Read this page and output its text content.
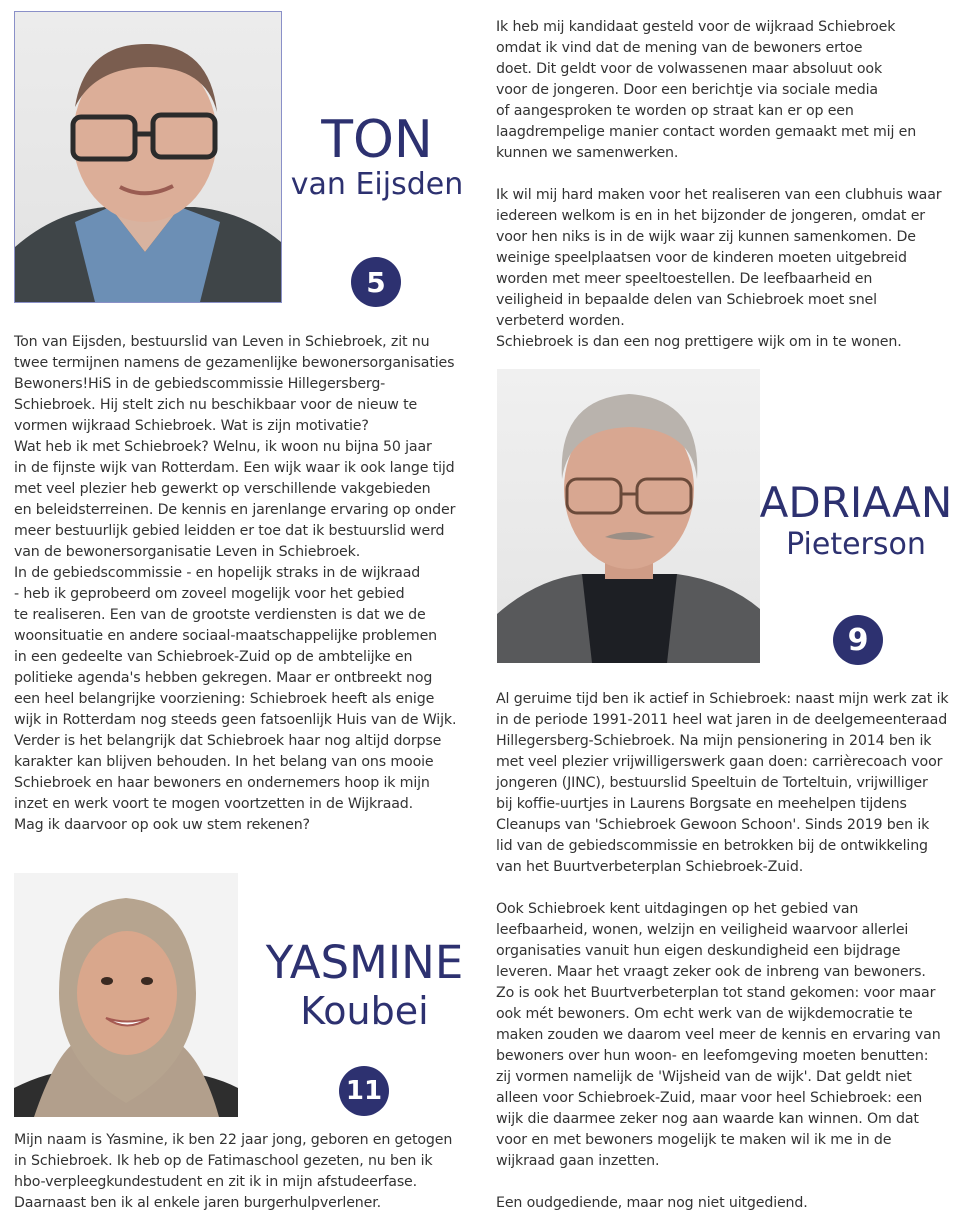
TON
van Eijsden
5

Ton van Eijsden, bestuurslid van Leven in Schiebroek, zit nu

twee termijnen namens de gezamenlijke bewonersorganisaties

Bewoners!HiS in de gebiedscommissie Hillegersberg-

Schiebroek. Hij stelt zich nu beschikbaar voor de nieuw te

vormen wijkraad Schiebroek. Wat is zijn motivatie?

Wat heb ik met Schiebroek? Welnu, ik woon nu bijna 50 jaar

in de fijnste wijk van Rotterdam. Een wijk waar ik ook lange tijd

met veel plezier heb gewerkt op verschillende vakgebieden

en beleidsterreinen. De kennis en jarenlange ervaring op onder

meer bestuurlijk gebied leidden er toe dat ik bestuurslid werd

van de bewonersorganisatie Leven in Schiebroek.

In de gebiedscommissie - en hopelijk straks in de wijkraad

- heb ik geprobeerd om zoveel mogelijk voor het gebied

te realiseren. Een van de grootste verdiensten is dat we de

woonsituatie en andere sociaal-maatschappelijke problemen

in een gedeelte van Schiebroek-Zuid op de ambtelijke en

politieke agenda's hebben gekregen. Maar er ontbreekt nog

een heel belangrijke voorziening: Schiebroek heeft als enige

wijk in Rotterdam nog steeds geen fatsoenlijk Huis van de Wijk.

Verder is het belangrijk dat Schiebroek haar nog altijd dorpse

karakter kan blijven behouden. In het belang van ons mooie

Schiebroek en haar bewoners en ondernemers hoop ik mijn

inzet en werk voort te mogen voortzetten in de Wijkraad.

Mag ik daarvoor op ook uw stem rekenen?

YASMINE
Koubei
11

Mijn naam is Yasmine, ik ben 22 jaar jong, geboren en getogen

in Schiebroek. Ik heb op de Fatimaschool gezeten, nu ben ik

hbo-verpleegkundestudent en zit ik in mijn afstudeerfase.

Daarnaast ben ik al enkele jaren burgerhulpverlener.

Ik heb mij kandidaat gesteld voor de wijkraad Schiebroek

omdat ik vind dat de mening van de bewoners ertoe

doet. Dit geldt voor de volwassenen maar absoluut ook

voor de jongeren. Door een berichtje via sociale media

of aangesproken te worden op straat kan er op een

laagdrempelige manier contact worden gemaakt met mij en

kunnen we samenwerken.

Ik wil mij hard maken voor het realiseren van een clubhuis waar

iedereen welkom is en in het bijzonder de jongeren, omdat er

voor hen niks is in de wijk waar zij kunnen samenkomen. De

weinige speelplaatsen voor de kinderen moeten uitgebreid

worden met meer speeltoestellen. De leefbaarheid en

veiligheid in bepaalde delen van Schiebroek moet snel

verbeterd worden.

Schiebroek is dan een nog prettigere wijk om in te wonen.

ADRIAAN
Pieterson
9

Al geruime tijd ben ik actief in Schiebroek: naast mijn werk zat ik

in de periode 1991-2011 heel wat jaren in de deelgemeenteraad

Hillegersberg-Schiebroek. Na mijn pensionering in 2014 ben ik

met veel plezier vrijwilligerswerk gaan doen: carrièrecoach voor

jongeren (JINC), bestuurslid Speeltuin de Torteltuin, vrijwilliger

bij koffie-uurtjes in Laurens Borgsate en meehelpen tijdens

Cleanups van 'Schiebroek Gewoon Schoon'. Sinds 2019 ben ik

lid van de gebiedscommissie en betrokken bij de ontwikkeling

van het Buurtverbeterplan Schiebroek-Zuid.

Ook Schiebroek kent uitdagingen op het gebied van

leefbaarheid, wonen, welzijn en veiligheid waarvoor allerlei

organisaties vanuit hun eigen deskundigheid een bijdrage

leveren. Maar het vraagt zeker ook de inbreng van bewoners.

Zo is ook het Buurtverbeterplan tot stand gekomen: voor maar

ook mét bewoners. Om echt werk van de wijkdemocratie te

maken zouden we daarom veel meer de kennis en ervaring van

bewoners over hun woon- en leefomgeving moeten benutten:

zij vormen namelijk de 'Wijsheid van de wijk'. Dat geldt niet

alleen voor Schiebroek-Zuid, maar voor heel Schiebroek: een

wijk die daarmee zeker nog aan waarde kan winnen. Om dat

voor en met bewoners mogelijk te maken wil ik me in de

wijkraad gaan inzetten.

Een oudgediende, maar nog niet uitgediend.
